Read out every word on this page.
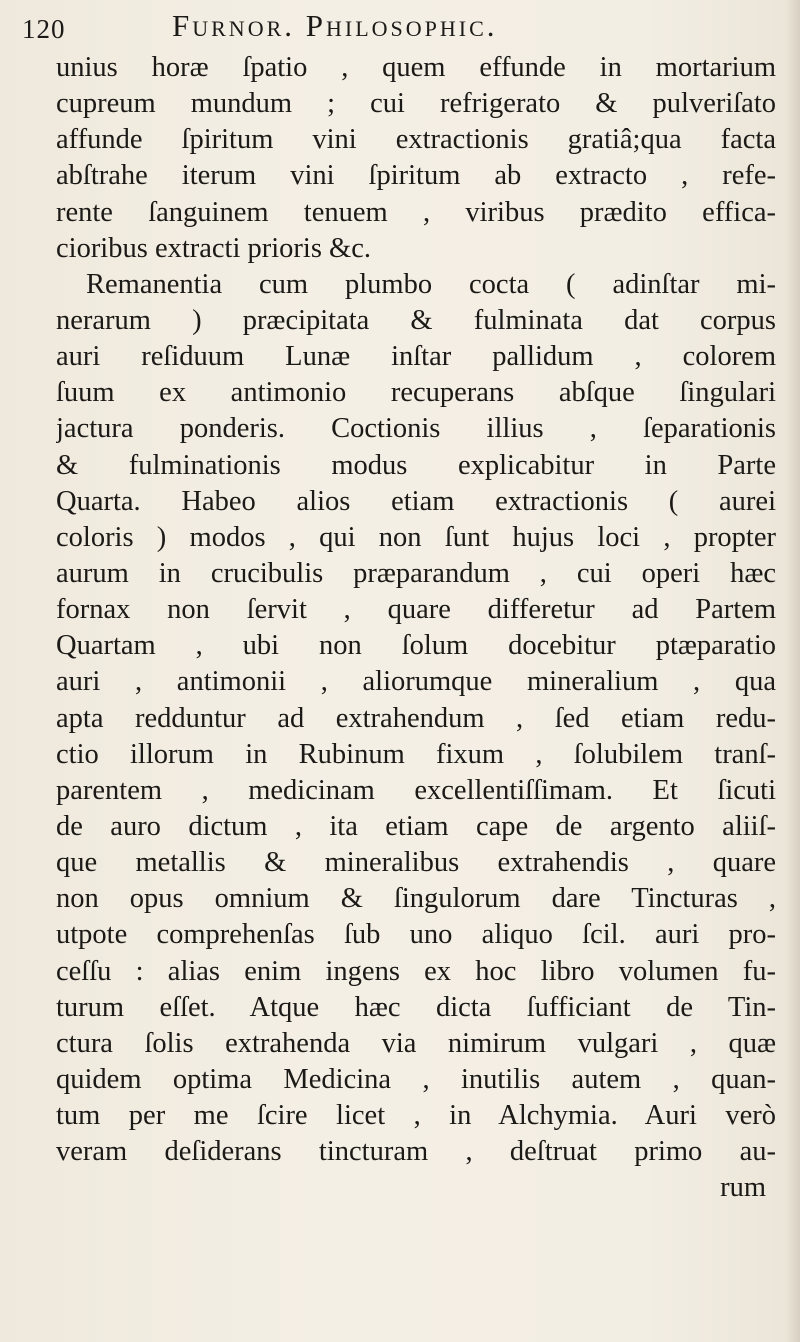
120	Furnor. Philosophic.
unius horæ ſpatio , quem effunde in mortarium
cupreum mundum ; cui refrigerato & pulveriſato
affunde ſpiritum vini extractionis gratiâ;qua facta
abſtrahe iterum vini ſpiritum ab extracto , refe-
rente ſanguinem tenuem , viribus prædito effica-
cioribus extracti prioris &c.
Remanentia cum plumbo cocta ( adinſtar mi-
nerarum ) præcipitata & fulminata dat corpus
auri reſiduum Lunæ inſtar pallidum , colorem
ſuum ex antimonio recuperans abſque ſingulari
jactura ponderis. Coctionis illius , ſeparationis
& fulminationis modus explicabitur in Parte
Quarta. Habeo alios etiam extractionis ( aurei
coloris ) modos , qui non ſunt hujus loci , propter
aurum in crucibulis præparandum , cui operi hæc
fornax non ſervit , quare differetur ad Partem
Quartam , ubi non ſolum docebitur ptæparatio
auri , antimonii , aliorumque mineralium , qua
apta redduntur ad extrahendum , ſed etiam redu-
ctio illorum in Rubinum fixum , ſolubilem tranſ-
parentem , medicinam excellentiſſimam. Et ſicuti
de auro dictum , ita etiam cape de argento aliiſ-
que metallis & mineralibus extrahendis , quare
non opus omnium & ſingulorum dare Tincturas ,
utpote comprehenſas ſub uno aliquo ſcil. auri pro-
ceſſu : alias enim ingens ex hoc libro volumen fu-
turum eſſet. Atque hæc dicta ſufficiant de Tin-
ctura ſolis extrahenda via nimirum vulgari , quæ
quidem optima Medicina , inutilis autem , quan-
tum per me ſcire licet , in Alchymia. Auri verò
veram deſiderans tincturam , deſtruat primo au-
rum
